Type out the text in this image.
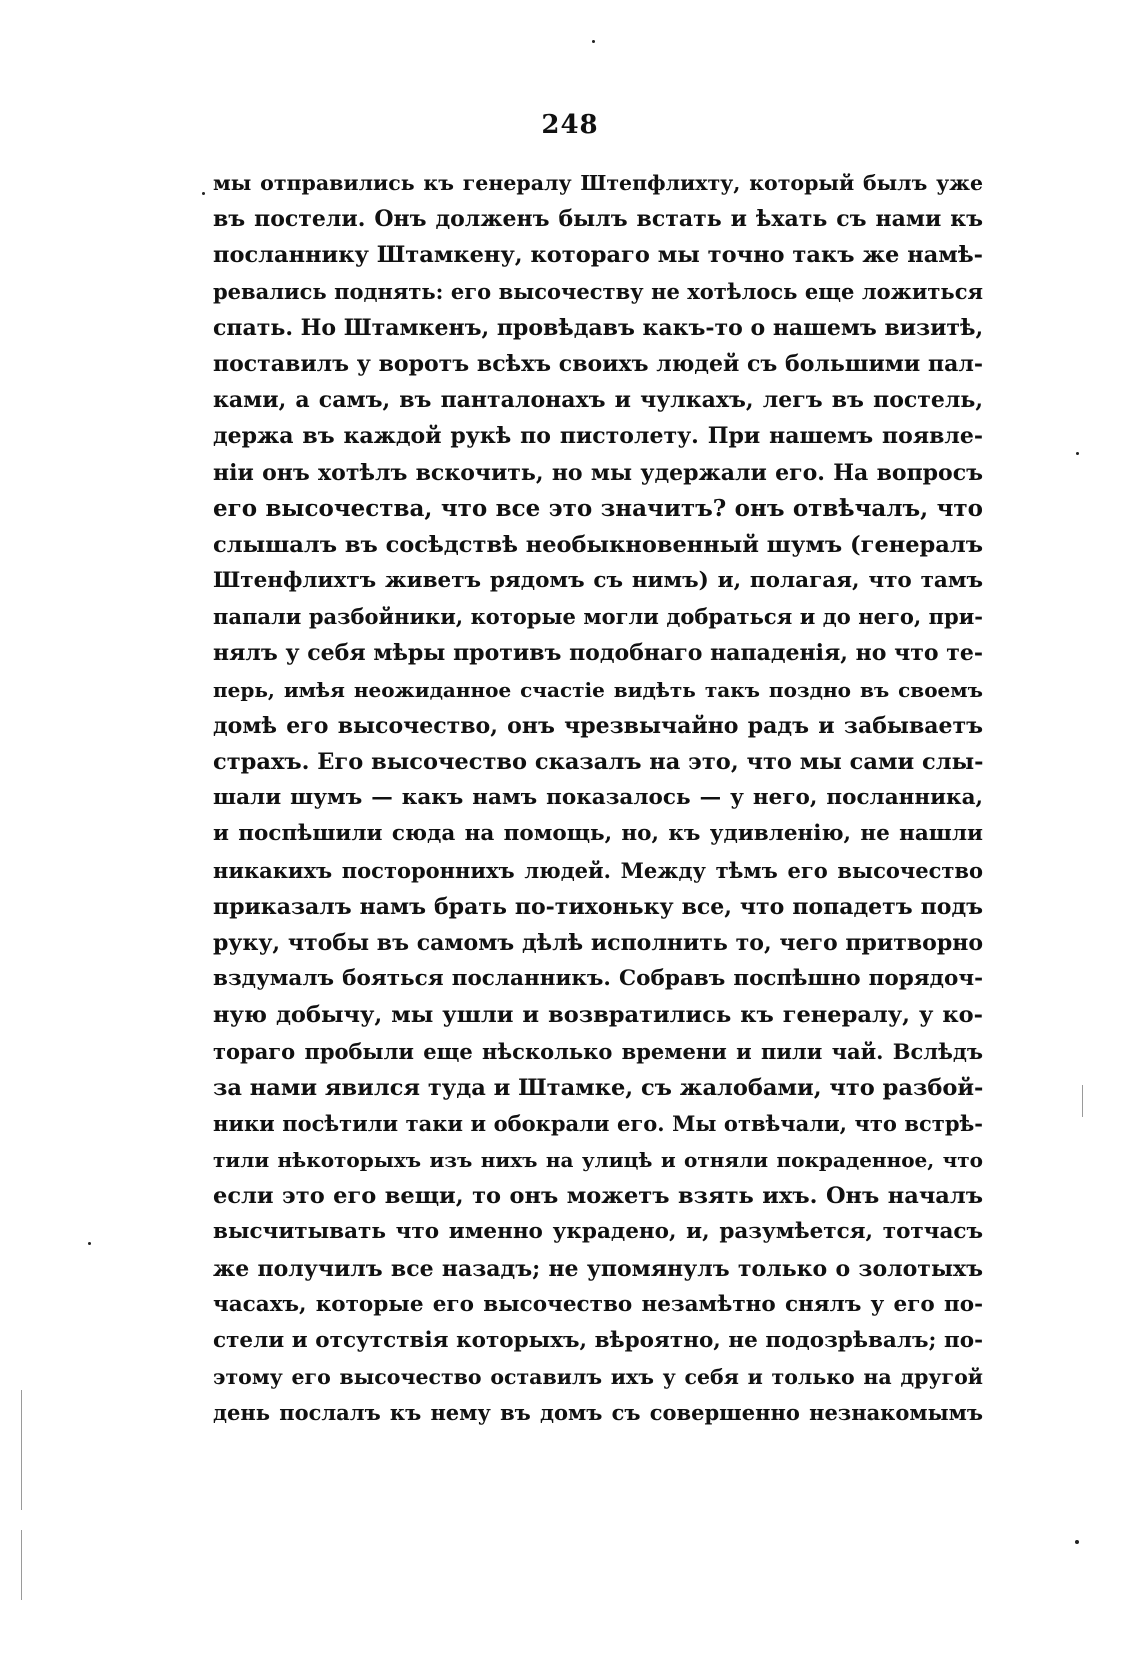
248
мы отправились къ генералу Штепфлихту, который былъ уже
въ постели. Онъ долженъ былъ встать и ѣхать съ нами къ
посланнику Штамкену, котораго мы точно такъ же намѣ-
ревались поднять: его высочеству не хотѣлось еще ложиться
спать. Но Штамкенъ, провѣдавъ какъ-то о нашемъ визитѣ,
поставилъ у воротъ всѣхъ своихъ людей съ большими пал-
ками, а самъ, въ панталонахъ и чулкахъ, легъ въ постель,
держа въ каждой рукѣ по пистолету. При нашемъ появле-
ніи онъ хотѣлъ вскочить, но мы удержали его. На вопросъ
его высочества, что все это значитъ? онъ отвѣчалъ, что
слышалъ въ сосѣдствѣ необыкновенный шумъ (генералъ
Штенфлихтъ живетъ рядомъ съ нимъ) и, полагая, что тамъ
папали разбойники, которые могли добраться и до него, при-
нялъ у себя мѣры противъ подобнаго нападенія, но что те-
перь, имѣя неожиданное счастіе видѣть такъ поздно въ своемъ
домѣ его высочество, онъ чрезвычайно радъ и забываетъ
страхъ. Его высочество сказалъ на это, что мы сами слы-
шали шумъ — какъ намъ показалось — у него, посланника,
и поспѣшили сюда на помощь, но, къ удивленію, не нашли
никакихъ постороннихъ людей. Между тѣмъ его высочество
приказалъ намъ брать по-тихоньку все, что попадетъ подъ
руку, чтобы въ самомъ дѣлѣ исполнить то, чего притворно
вздумалъ бояться посланникъ. Собравъ поспѣшно порядоч-
ную добычу, мы ушли и возвратились къ генералу, у ко-
тораго пробыли еще нѣсколько времени и пили чай. Вслѣдъ
за нами явился туда и Штамке, съ жалобами, что разбой-
ники посѣтили таки и обокрали его. Мы отвѣчали, что встрѣ-
тили нѣкоторыхъ изъ нихъ на улицѣ и отняли покраденное, что
если это его вещи, то онъ можетъ взять ихъ. Онъ началъ
высчитывать что именно украдено, и, разумѣется, тотчасъ
же получилъ все назадъ; не упомянулъ только о золотыхъ
часахъ, которые его высочество незамѣтно снялъ у его по-
стели и отсутствія которыхъ, вѣроятно, не подозрѣвалъ; по-
этому его высочество оставилъ ихъ у себя и только на другой
день послалъ къ нему въ домъ съ совершенно незнакомымъ
